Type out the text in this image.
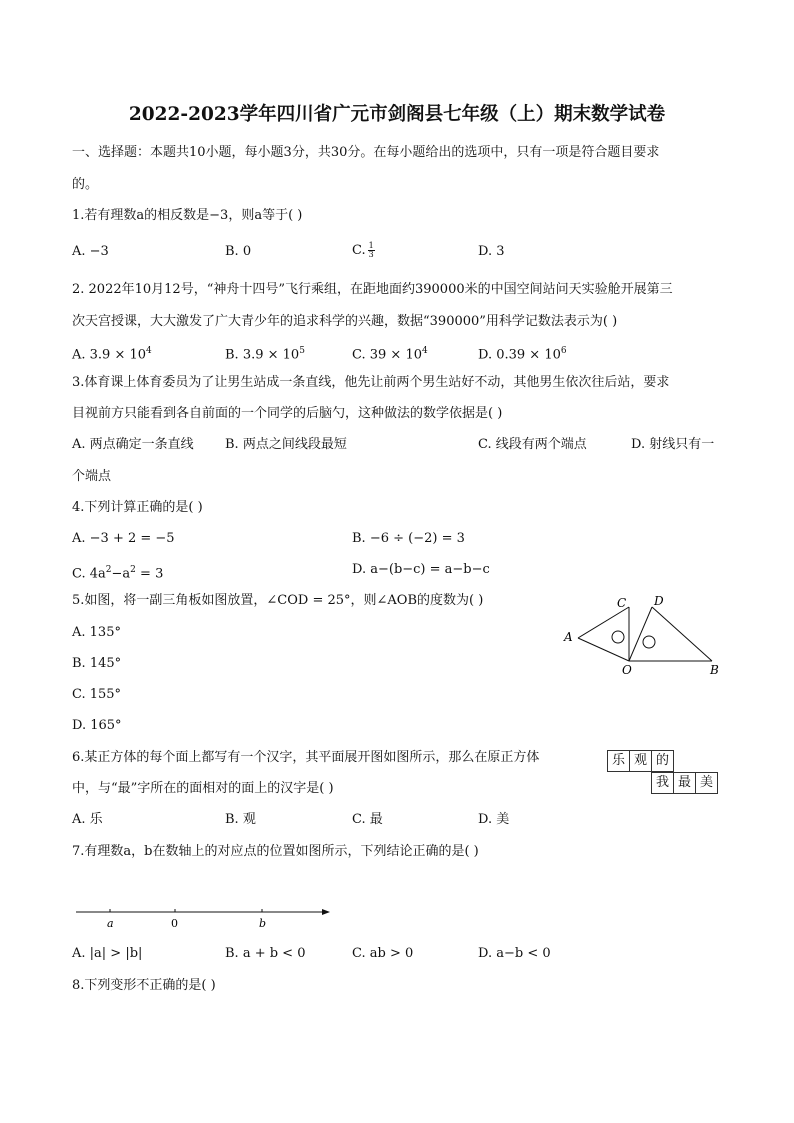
2022-2023学年四川省广元市剑阁县七年级（上）期末数学试卷
一、选择题：本题共10小题，每小题3分，共30分。在每小题给出的选项中，只有一项是符合题目要求
的。
1.若有理数a的相反数是−3，则a等于( )
A. −3	B. 0	C. $\frac{1}{3}$	D. 3
2. 2022年10月12号，“神舟十四号”飞行乘组，在距地面约390000米的中国空间站问天实验舱开展第三
次天宫授课，大大激发了广大青少年的追求科学的兴趣，数据“390000”用科学记数法表示为( )
A. $3.9 \times 10^4$	B. $3.9 \times 10^5$	C. $39 \times 10^4$	D. $0.39 \times 10^6$
3.体育课上体育委员为了让男生站成一条直线，他先让前两个男生站好不动，其他男生依次往后站，要求
目视前方只能看到各自前面的一个同学的后脑勺，这种做法的数学依据是( )
A. 两点确定一条直线 B. 两点之间线段最短	C. 线段有两个端点	D. 射线只有一
个端点
4.下列计算正确的是( )
A. −3 + 2 = −5	B. −6 ÷ (−2) = 3
C. $4a^2-a^2 = 3$	D. a−(b−c) = a−b−c
5.如图，将一副三角板如图放置，∠COD = 25°，则∠AOB的度数为( )
A. 135°
B. 145°
C. 155°
D. 165°
A
C D
O	B
6.某正方体的每个面上都写有一个汉字，其平面展开图如图所示，那么在原正方体
中，与“最”字所在的面相对的面上的汉字是( )
乐 观 的
我 最 美
A. 乐	B. 观	C. 最	D. 美
7.有理数a，b在数轴上的对应点的位置如图所示，下列结论正确的是( )
a	0	b
A. |a| > |b|	B. a + b < 0	C. ab > 0	D. a−b < 0
8.下列变形不正确的是( )
